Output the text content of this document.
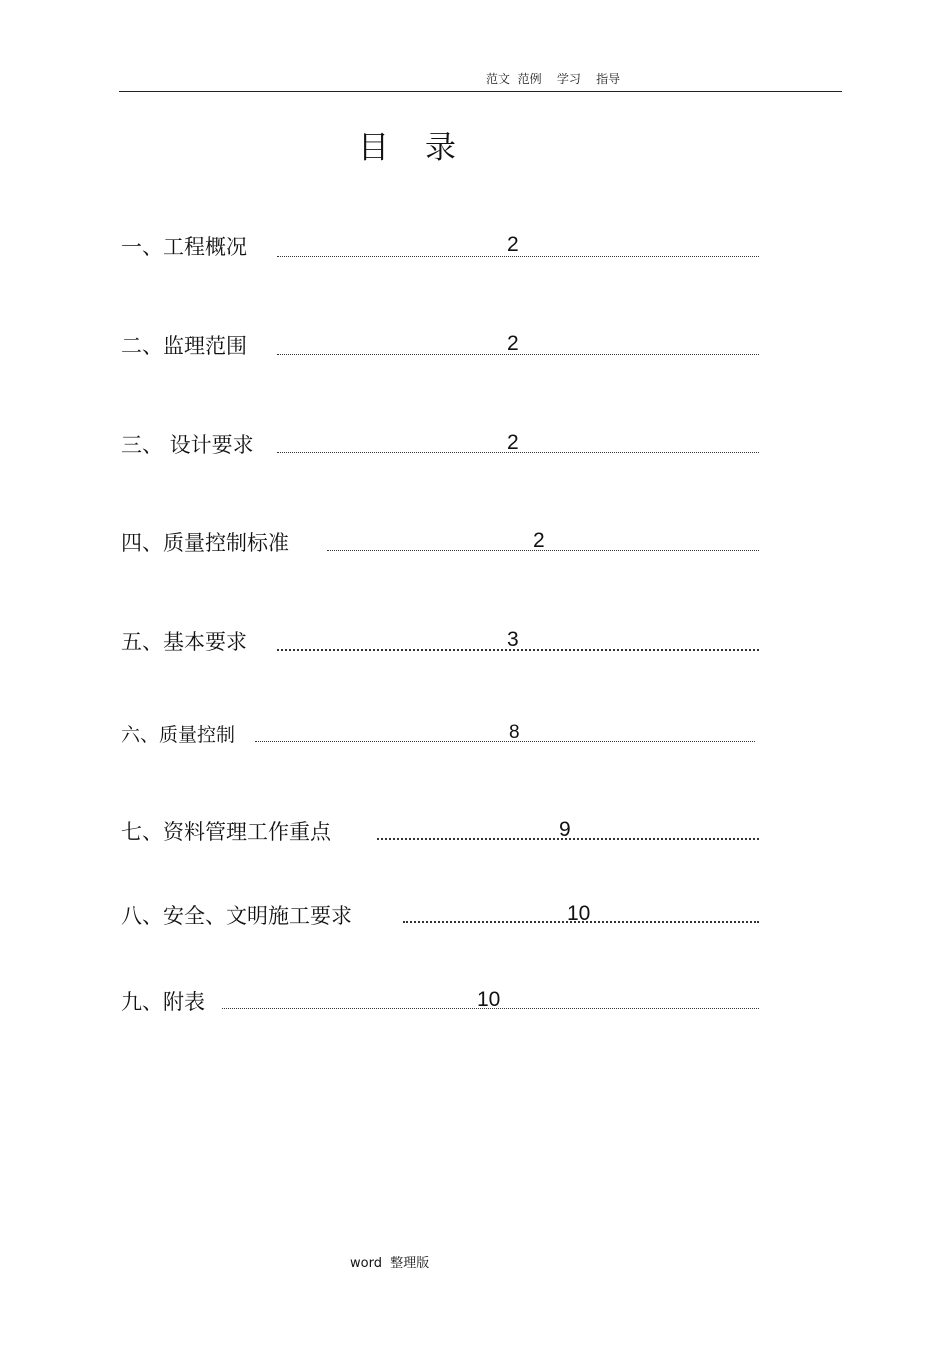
范文  范例    学习    指导
目录
一、工程概况	2
二、监理范围	2
三、 设计要求	2
四、质量控制标准	2
五、基本要求	3
六、质量控制	8
七、资料管理工作重点	9
八、安全、文明施工要求	10
九、附表	10
word  整理版
